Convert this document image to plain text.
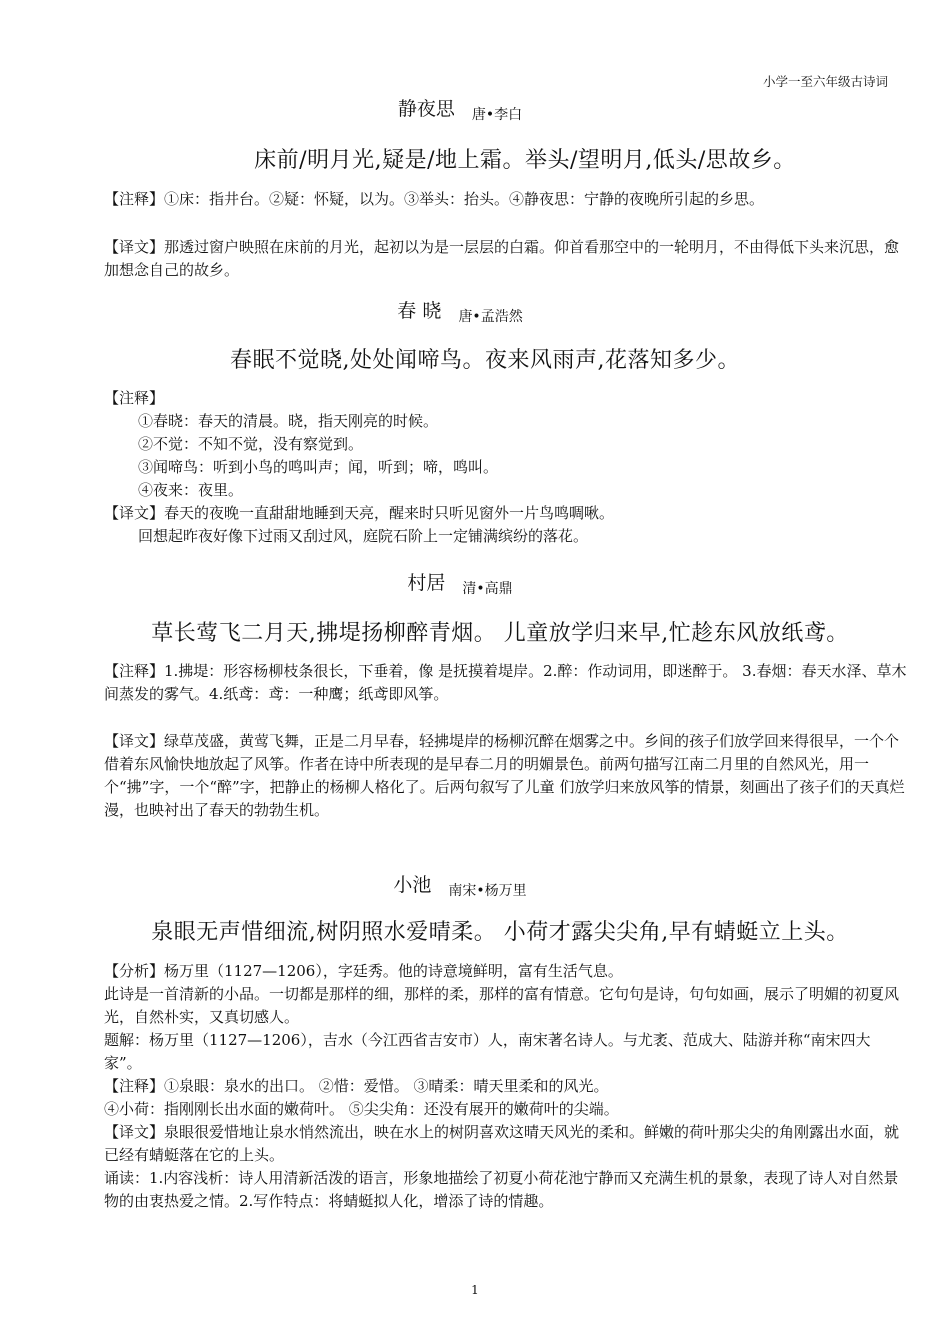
小学一至六年级古诗词
静夜思 唐•李白
床前/明月光,疑是/地上霜。举头/望明月,低头/思故乡。

【注释】①床：指井台。②疑：怀疑，以为。③举头：抬头。④静夜思：宁静的夜晚所引起的乡思。

【译文】那透过窗户映照在床前的月光，起初以为是一层层的白霜。仰首看那空中的一轮明月，不由得低下头来沉思，愈加想念自己的故乡。

春 晓 唐•孟浩然
春眠不觉晓,处处闻啼鸟。夜来风雨声,花落知多少。
【注释】
①春晓：春天的清晨。晓，指天刚亮的时候。
②不觉：不知不觉，没有察觉到。
③闻啼鸟：听到小鸟的鸣叫声；闻，听到；啼，鸣叫。
④夜来：夜里。
【译文】春天的夜晚一直甜甜地睡到天亮，醒来时只听见窗外一片鸟鸣啁啾。
回想起昨夜好像下过雨又刮过风，庭院石阶上一定铺满缤纷的落花。
村居 清•高鼎
草长莺飞二月天,拂堤扬柳醉青烟。 儿童放学归来早,忙趁东风放纸鸢。

【注释】1.拂堤：形容杨柳枝条很长，下垂着，像 是抚摸着堤岸。2.醉：作动词用，即迷醉于。 3.春烟：春天水泽、草木间蒸发的雾气。4.纸鸢：鸢：一种鹰；纸鸢即风筝。

【译文】绿草茂盛，黄莺飞舞，正是二月早春，轻拂堤岸的杨柳沉醉在烟雾之中。乡间的孩子们放学回来得很早，一个个借着东风愉快地放起了风筝。作者在诗中所表现的是早春二月的明媚景色。前两句描写江南二月里的自然风光，用一个“拂”字，一个“醉”字，把静止的杨柳人格化了。后两句叙写了儿童 们放学归来放风筝的情景，刻画出了孩子们的天真烂漫，也映衬出了春天的勃勃生机。

小池 南宋•杨万里
泉眼无声惜细流,树阴照水爱晴柔。 小荷才露尖尖角,早有蜻蜓立上头。
【分析】杨万里（1127—1206），字廷秀。他的诗意境鲜明，富有生活气息。
此诗是一首清新的小品。一切都是那样的细，那样的柔，那样的富有情意。它句句是诗，句句如画，展示了明媚的初夏风光，自然朴实，又真切感人。
题解：杨万里（1127—1206），吉水（今江西省吉安市）人，南宋著名诗人。与尤袤、范成大、陆游并称“南宋四大家”。
【注释】①泉眼：泉水的出口。 ②惜：爱惜。 ③晴柔：晴天里柔和的风光。
④小荷：指刚刚长出水面的嫩荷叶。 ⑤尖尖角：还没有展开的嫩荷叶的尖端。
【译文】泉眼很爱惜地让泉水悄然流出，映在水上的树阴喜欢这晴天风光的柔和。鲜嫩的荷叶那尖尖的角刚露出水面，就已经有蜻蜓落在它的上头。
诵读：1.内容浅析：诗人用清新活泼的语言，形象地描绘了初夏小荷花池宁静而又充满生机的景象，表现了诗人对自然景物的由衷热爱之情。2.写作特点：将蜻蜓拟人化，增添了诗的情趣。
1
